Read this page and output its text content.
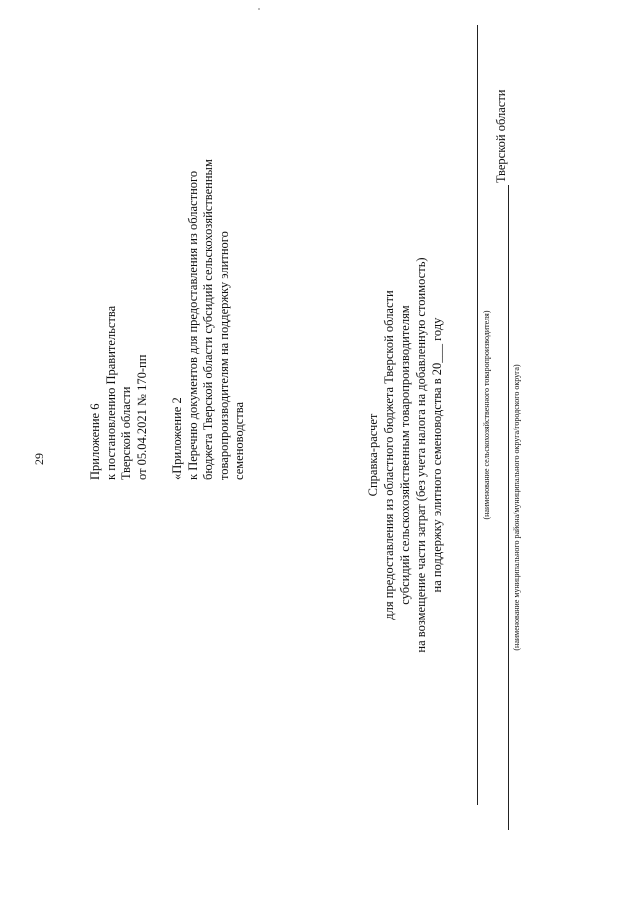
29	Приложение 6 к постановлению Правительства Тверской области от 05.04.2021 № 170-пп «Приложение 2 к Перечню документов для предоставления из областного бюджета Тверской области субсидий сельскохозяйственным товаропроизводителям на поддержку элитного семеноводства	Справка-расчет для предоставления из областного бюджета Тверской области субсидий сельскохозяйственным товаропроизводителям на возмещение части затрат (без учета налога на добавленную стоимость) на поддержку элитного семеноводства в 20___ году	(наименование сельскохозяйственного товаропроизводителя)
Тверской области
(наименование муниципального района/муниципального округа/городского округа)
